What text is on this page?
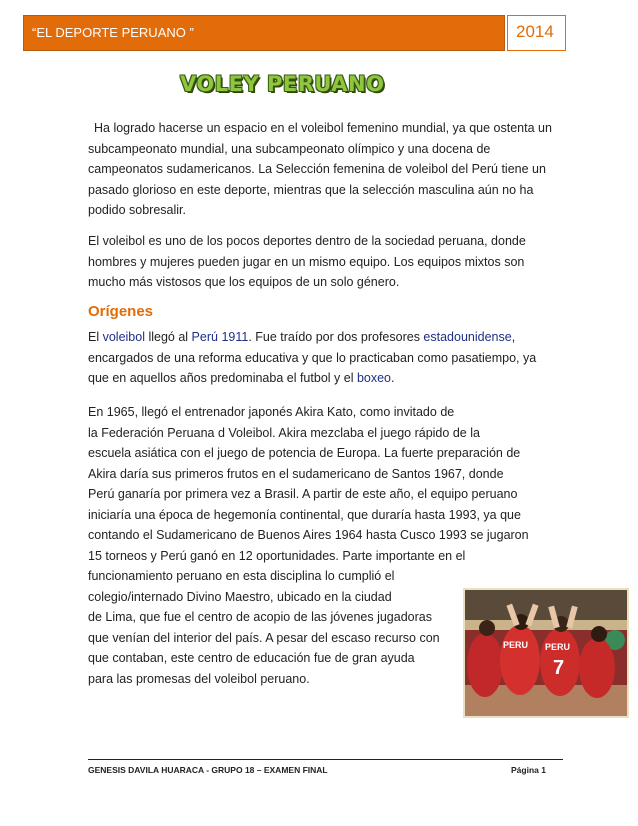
“EL DEPORTE PERUANO ”	2014
VOLEY PERUANO

Ha logrado hacerse un espacio en el voleibol femenino mundial, ya que ostenta un subcampeonato mundial, una subcampeonato olímpico y una docena de campeonatos sudamericanos. La Selección femenina de voleibol del Perú tiene un pasado glorioso en este deporte, mientras que la selección masculina aún no ha podido sobresalir.

El voleibol es uno de los pocos deportes dentro de la sociedad peruana, donde hombres y mujeres pueden jugar en un mismo equipo. Los equipos mixtos son mucho más vistosos que los equipos de un solo género.

Orígenes

El voleibol llegó al Perú 1911. Fue traído por dos profesores estadounidense, encargados de una reforma educativa y que lo practicaban como pasatiempo, ya que en aquellos años predominaba el futbol y el boxeo.

En 1965, llegó el entrenador japonés Akira Kato, como invitado de
la Federación Peruana d Voleibol. Akira mezclaba el juego rápido de la
escuela asiática con el juego de potencia de Europa. La fuerte preparación de
Akira daría sus primeros frutos en el sudamericano de Santos 1967, donde
Perú ganaría por primera vez a Brasil. A partir de este año, el equipo peruano
iniciaría una época de hegemonía continental, que duraría hasta 1993, ya que
contando el Sudamericano de Buenos Aires 1964 hasta Cusco 1993 se jugaron
15 torneos y Perú ganó en 12 oportunidades. Parte importante en el
funcionamiento peruano en esta disciplina lo cumplió el
colegio/internado Divino Maestro, ubicado en la ciudad
de Lima, que fue el centro de acopio de las jóvenes jugadoras
que venían del interior del país. A pesar del escaso recurso con
que contaban, este centro de educación fue de gran ayuda
para las promesas del voleibol peruano.

PERU PERU
7
GENESIS DAVILA HUARACA - GRUPO 18 – EXAMEN FINAL	Página 1
